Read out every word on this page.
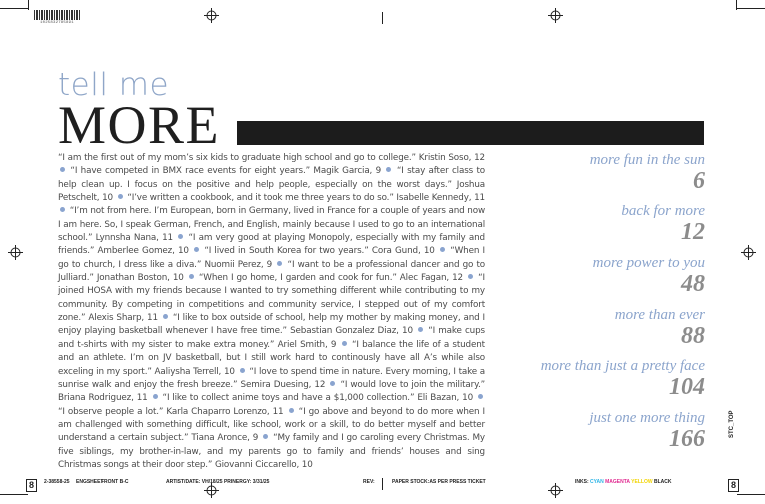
1025832785891
tell me
MORE
“I am the first out of my mom’s six kids to graduate high school and go to college.” Kristin Soso, 12  “I have competed in BMX race events for eight years.” Magik Garcia, 9 “I stay after class to help clean up. I focus on the positive and help people, especially on the worst days.” Joshua Petschelt, 10 “I’ve written a cookbook, and it took me three years to do so.” Isabelle Kennedy, 11  “I’m not from here. I’m European, born in Germany, lived in France for a couple of years and now I am here. So, I speak German, French, and English, mainly because I used to go to an international school.” Lynnsha Nana, 11 “I am very good at playing Monopoly, especially with my family and friends.” Amberlee Gomez, 10 “I lived in South Korea for two years.” Cora Gund, 10 “When I go to church, I dress like a diva.” Nuomii Perez, 9 “I want to be a professional dancer and go to Julliard.” Jonathan Boston, 10 “When I go home, I garden and cook for fun.” Alec Fagan, 12 “I joined HOSA with my friends because I wanted to try something different while contributing to my community. By competing in competitions and community service, I stepped out of my comfort zone.” Alexis Sharp, 11 “I like to box outside of school, help my mother by making money, and I enjoy playing basketball whenever I have free time.” Sebastian Gonzalez Diaz, 10 “I make cups and t-shirts with my sister to make extra money.” Ariel Smith, 9 “I balance the life of a student and an athlete. I’m on JV basketball, but I still work hard to continously have all A’s while also exceling in my sport.” Aaliysha Terrell, 10 “I love to spend time in nature. Every morning, I take a sunrise walk and enjoy the fresh breeze.” Semira Duesing, 12 “I would love to join the military.” Briana Rodriguez, 11 “I like to collect anime toys and have a $1,000 collection.” Eli Bazan, 10  “I observe people a lot.” Karla Chaparro Lorenzo, 11 “I go above and beyond to do more when I am challenged with something difficult, like school, work or a skill, to do better myself and better understand a certain subject.” Tiana Aronce, 9 “My family and I go caroling every Christmas. My five siblings, my brother-in-law, and my parents go to family and friends’ houses and sing Christmas songs at their door step.” Giovanni Ciccarello, 10
more fun in the sun
6
back for more
12
more power to you
48
more than ever
88
more than just a pretty face
104
just one more thing
166
8	2-38558-25 ENGSHEET
FRONT B-C	ARTIST/DATE: VH/18/25 PRINERGY: 3/31/25	REV:	PAPER STOCK:AS PER PRESS TICKET	INKS: CYAN MAGENTA YELLOW BLACK	8
STC_TOP
